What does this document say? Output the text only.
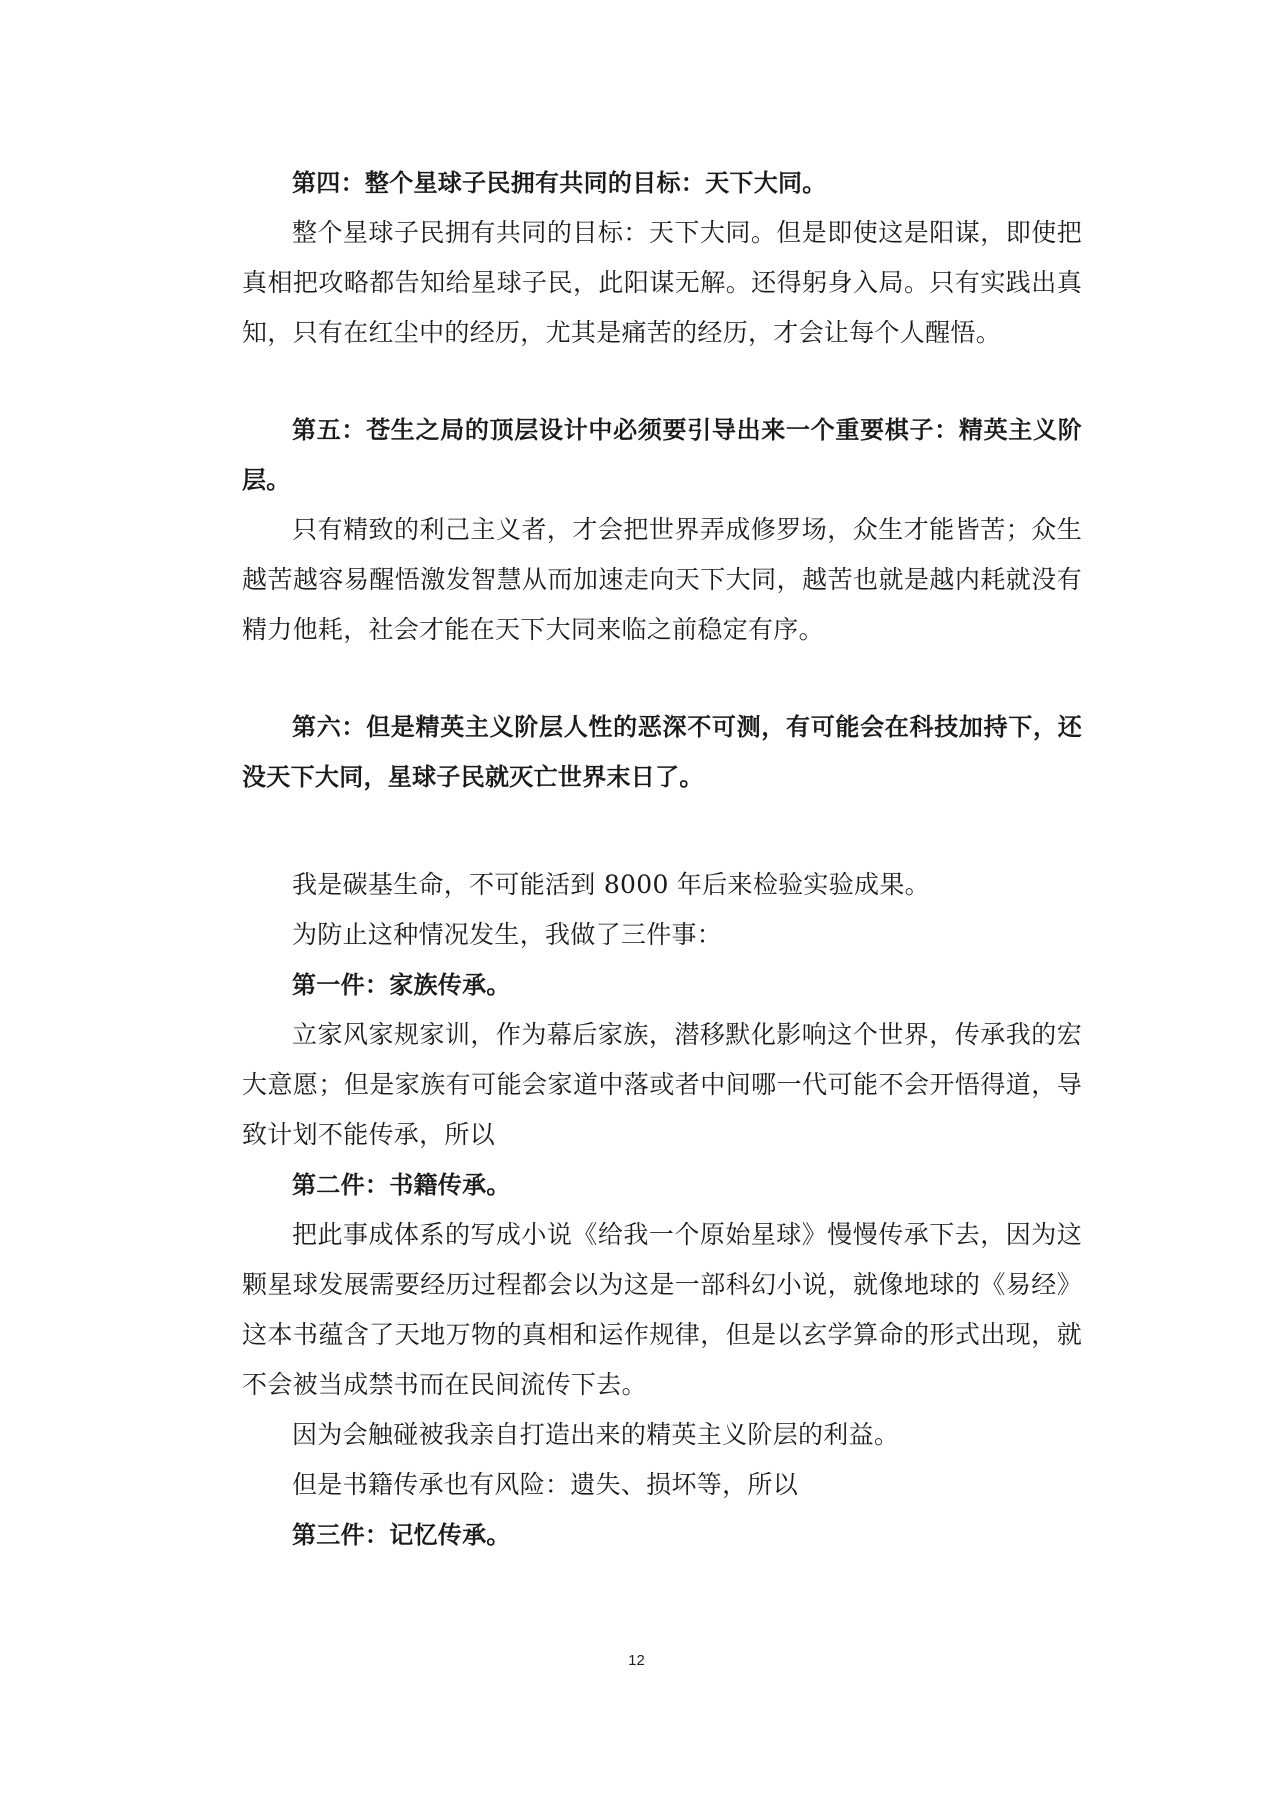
第四：整个星球子民拥有共同的目标：天下大同。

整个星球子民拥有共同的目标：天下大同。但是即使这是阳谋，即使把真相把攻略都告知给星球子民，此阳谋无解。还得躬身入局。只有实践出真知，只有在红尘中的经历，尤其是痛苦的经历，才会让每个人醒悟。

第五：苍生之局的顶层设计中必须要引导出来一个重要棋子：精英主义阶层。

只有精致的利己主义者，才会把世界弄成修罗场，众生才能皆苦；众生越苦越容易醒悟激发智慧从而加速走向天下大同，越苦也就是越内耗就没有精力他耗，社会才能在天下大同来临之前稳定有序。

第六：但是精英主义阶层人性的恶深不可测，有可能会在科技加持下，还没天下大同，星球子民就灭亡世界末日了。

我是碳基生命，不可能活到 8000 年后来检验实验成果。

为防止这种情况发生，我做了三件事：

第一件：家族传承。

立家风家规家训，作为幕后家族，潜移默化影响这个世界，传承我的宏大意愿；但是家族有可能会家道中落或者中间哪一代可能不会开悟得道，导致计划不能传承，所以

第二件：书籍传承。

把此事成体系的写成小说《给我一个原始星球》慢慢传承下去，因为这颗星球发展需要经历过程都会以为这是一部科幻小说，就像地球的《易经》这本书蕴含了天地万物的真相和运作规律，但是以玄学算命的形式出现，就不会被当成禁书而在民间流传下去。

因为会触碰被我亲自打造出来的精英主义阶层的利益。

但是书籍传承也有风险：遗失、损坏等，所以

第三件：记忆传承。

12
